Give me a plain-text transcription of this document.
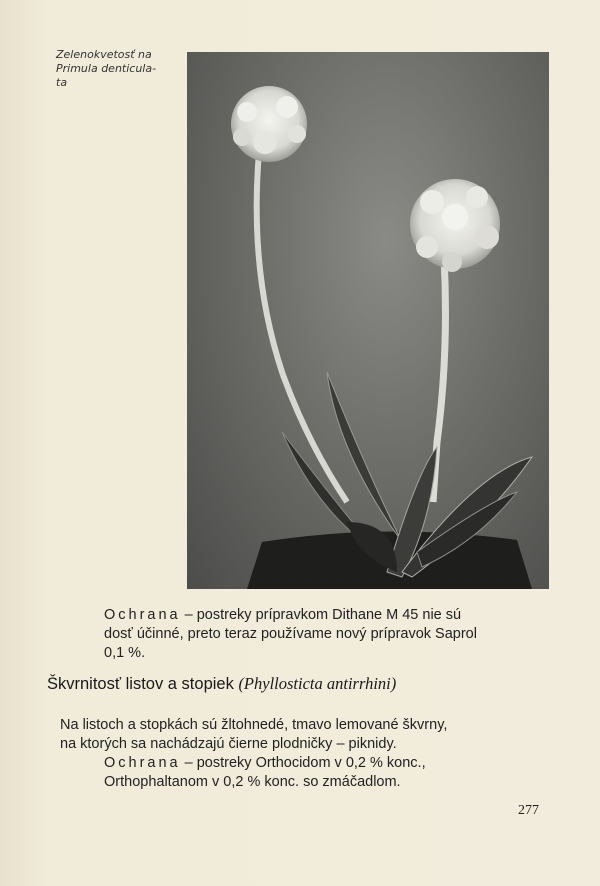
Zelenokvetosť na
Primula denticula-
ta
Ochrana – postreky prípravkom Dithane M 45 nie sú
dosť účinné, preto teraz používame nový prípravok Saprol
0,1 %.
Škvrnitosť listov a stopiek (Phyllosticta antirrhini)
Na listoch a stopkách sú žltohnedé, tmavo lemované škvrny,
na ktorých sa nachádzajú čierne plodničky – piknidy.
Ochrana – postreky Orthocidom v 0,2 % konc.,
Orthophaltanom v 0,2 % konc. so zmáčadlom.
277
